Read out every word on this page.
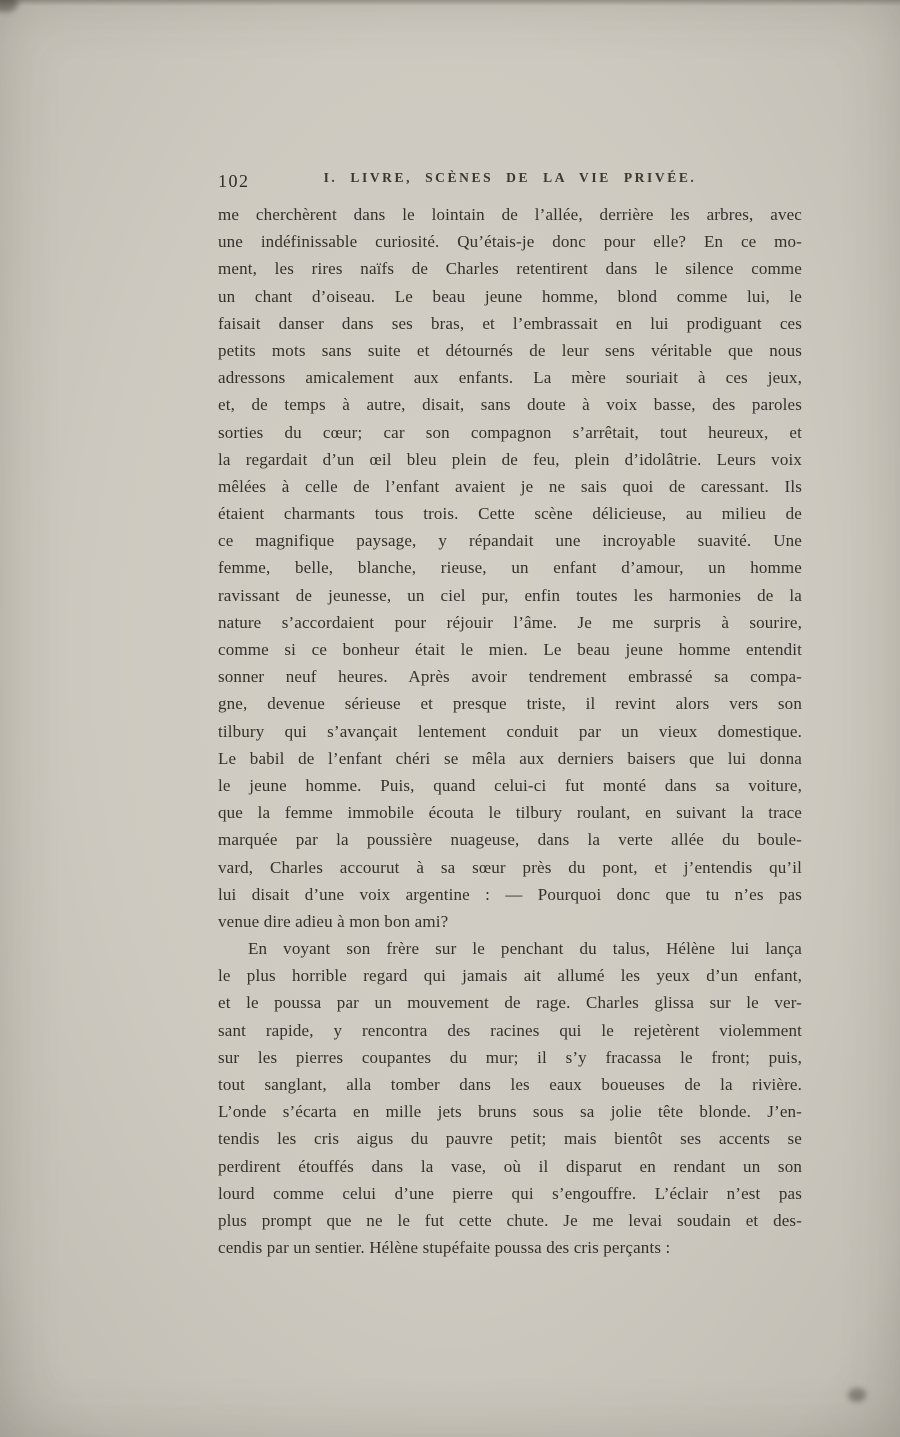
102	I. LIVRE, SCÈNES DE LA VIE PRIVÉE.
me cherchèrent dans le lointain de l’allée, derrière les arbres, avec
une indéfinissable curiosité. Qu’étais-je donc pour elle? En ce mo-
ment, les rires naïfs de Charles retentirent dans le silence comme
un chant d’oiseau. Le beau jeune homme, blond comme lui, le
faisait danser dans ses bras, et l’embrassait en lui prodiguant ces
petits mots sans suite et détournés de leur sens véritable que nous
adressons amicalement aux enfants. La mère souriait à ces jeux,
et, de temps à autre, disait, sans doute à voix basse, des paroles
sorties du cœur; car son compagnon s’arrêtait, tout heureux, et
la regardait d’un œil bleu plein de feu, plein d’idolâtrie. Leurs voix
mêlées à celle de l’enfant avaient je ne sais quoi de caressant. Ils
étaient charmants tous trois. Cette scène délicieuse, au milieu de
ce magnifique paysage, y répandait une incroyable suavité. Une
femme, belle, blanche, rieuse, un enfant d’amour, un homme
ravissant de jeunesse, un ciel pur, enfin toutes les harmonies de la
nature s’accordaient pour réjouir l’âme. Je me surpris à sourire,
comme si ce bonheur était le mien. Le beau jeune homme entendit
sonner neuf heures. Après avoir tendrement embrassé sa compa-
gne, devenue sérieuse et presque triste, il revint alors vers son
tilbury qui s’avançait lentement conduit par un vieux domestique.
Le babil de l’enfant chéri se mêla aux derniers baisers que lui donna
le jeune homme. Puis, quand celui-ci fut monté dans sa voiture,
que la femme immobile écouta le tilbury roulant, en suivant la trace
marquée par la poussière nuageuse, dans la verte allée du boule-
vard, Charles accourut à sa sœur près du pont, et j’entendis qu’il
lui disait d’une voix argentine : — Pourquoi donc que tu n’es pas
venue dire adieu à mon bon ami?
En voyant son frère sur le penchant du talus, Hélène lui lança
le plus horrible regard qui jamais ait allumé les yeux d’un enfant,
et le poussa par un mouvement de rage. Charles glissa sur le ver-
sant rapide, y rencontra des racines qui le rejetèrent violemment
sur les pierres coupantes du mur; il s’y fracassa le front; puis,
tout sanglant, alla tomber dans les eaux boueuses de la rivière.
L’onde s’écarta en mille jets bruns sous sa jolie tête blonde. J’en-
tendis les cris aigus du pauvre petit; mais bientôt ses accents se
perdirent étouffés dans la vase, où il disparut en rendant un son
lourd comme celui d’une pierre qui s’engouffre. L’éclair n’est pas
plus prompt que ne le fut cette chute. Je me levai soudain et des-
cendis par un sentier. Hélène stupéfaite poussa des cris perçants :
